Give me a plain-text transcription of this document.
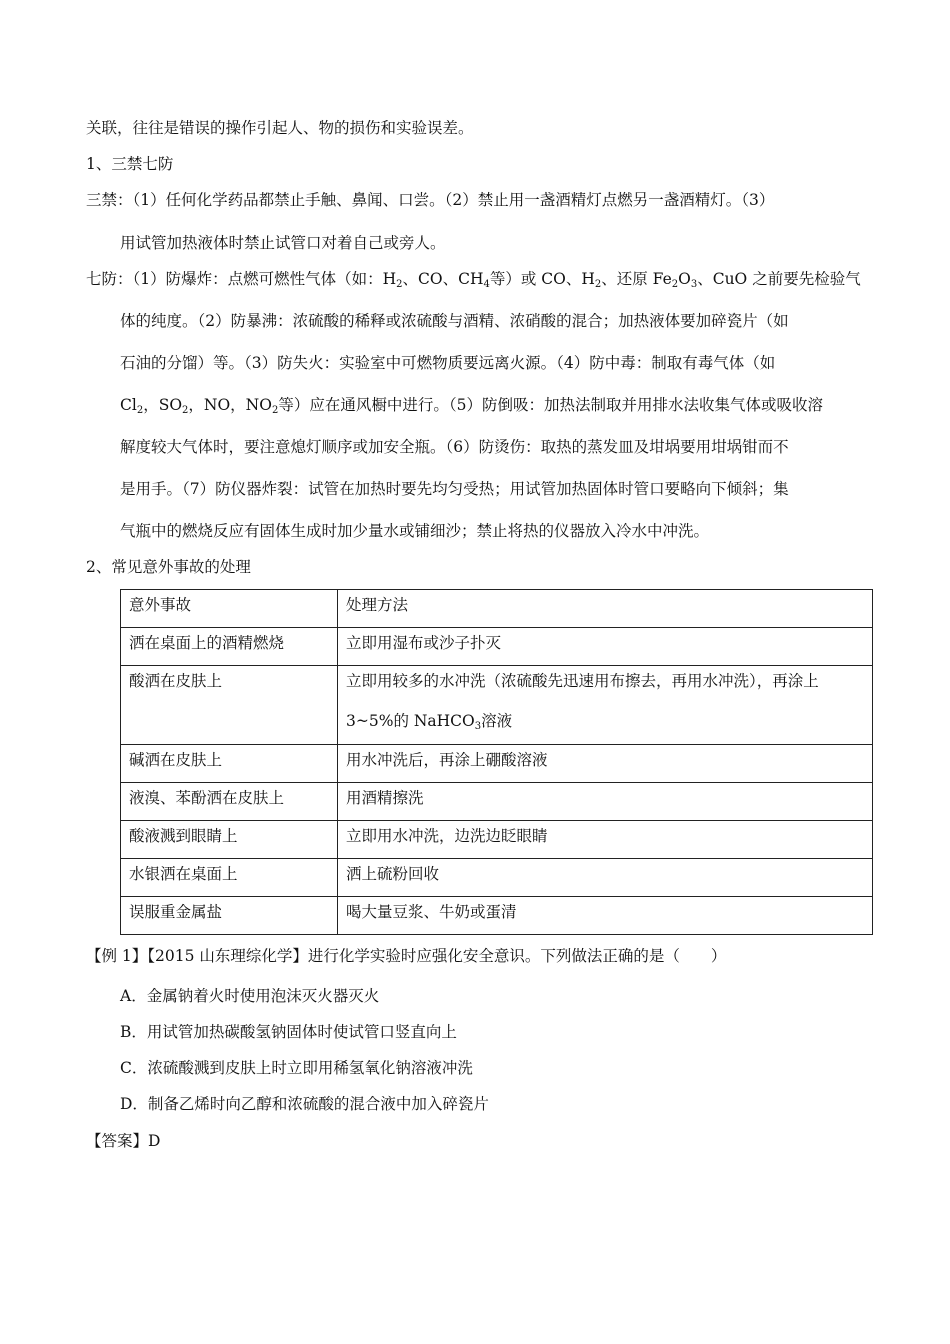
关联，往往是错误的操作引起人、物的损伤和实验误差。
1、三禁七防
三禁：（1）任何化学药品都禁止手触、鼻闻、口尝。（2）禁止用一盏酒精灯点燃另一盏酒精灯。（3）
用试管加热液体时禁止试管口对着自己或旁人。
七防：（1）防爆炸：点燃可燃性气体（如：$H_2$、CO、$CH_4$等）或 CO、$H_2$、还原 $Fe_2O_3$、CuO 之前要先检验气
体的纯度。（2）防暴沸：浓硫酸的稀释或浓硫酸与酒精、浓硝酸的混合；加热液体要加碎瓷片（如
石油的分馏）等。（3）防失火：实验室中可燃物质要远离火源。（4）防中毒：制取有毒气体（如
$Cl_2$，$SO_2$，NO，$NO_2$等）应在通风橱中进行。（5）防倒吸：加热法制取并用排水法收集气体或吸收溶
解度较大气体时，要注意熄灯顺序或加安全瓶。（6）防烫伤：取热的蒸发皿及坩埚要用坩埚钳而不
是用手。（7）防仪器炸裂：试管在加热时要先均匀受热；用试管加热固体时管口要略向下倾斜；集
气瓶中的燃烧反应有固体生成时加少量水或铺细沙；禁止将热的仪器放入冷水中冲洗。
2、常见意外事故的处理
意外事故	处理方法
洒在桌面上的酒精燃烧	立即用湿布或沙子扑灭
酸洒在皮肤上	立即用较多的水冲洗（浓硫酸先迅速用布擦去，再用水冲洗），再涂上
3~5%的 NaHCO$_3$溶液

碱洒在皮肤上	用水冲洗后，再涂上硼酸溶液
液溴、苯酚洒在皮肤上	用酒精擦洗
酸液溅到眼睛上	立即用水冲洗，边洗边眨眼睛
水银洒在桌面上	洒上硫粉回收
误服重金属盐	喝大量豆浆、牛奶或蛋清
【例 1】【2015 山东理综化学】进行化学实验时应强化安全意识。下列做法正确的是（　　）
A．金属钠着火时使用泡沫灭火器灭火
B．用试管加热碳酸氢钠固体时使试管口竖直向上
C．浓硫酸溅到皮肤上时立即用稀氢氧化钠溶液冲洗
D．制备乙烯时向乙醇和浓硫酸的混合液中加入碎瓷片
【答案】D
